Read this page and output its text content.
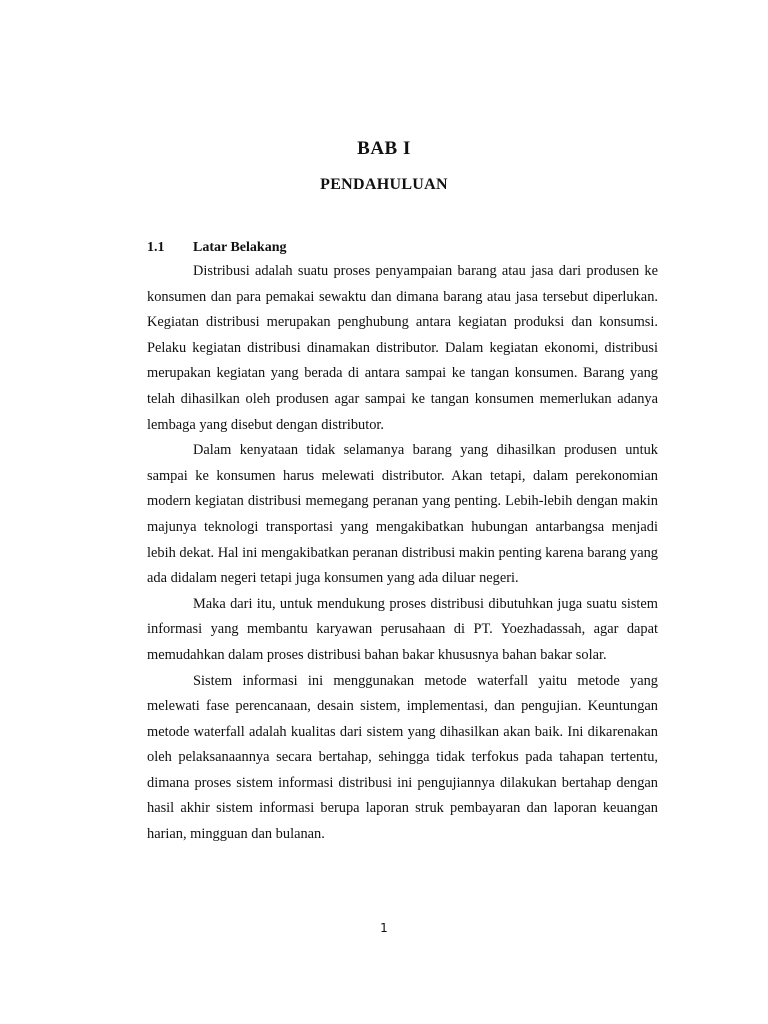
BAB I
PENDAHULUAN
1.1 Latar Belakang

Distribusi adalah suatu proses penyampaian barang atau jasa dari produsen ke konsumen dan para pemakai sewaktu dan dimana barang atau jasa tersebut diperlukan. Kegiatan distribusi merupakan penghubung antara kegiatan produksi dan konsumsi. Pelaku kegiatan distribusi dinamakan distributor. Dalam kegiatan ekonomi, distribusi merupakan kegiatan yang berada di antara sampai ke tangan konsumen. Barang yang telah dihasilkan oleh produsen agar sampai ke tangan konsumen memerlukan adanya lembaga yang disebut dengan distributor.

Dalam kenyataan tidak selamanya barang yang dihasilkan produsen untuk sampai ke konsumen harus melewati distributor. Akan tetapi, dalam perekonomian modern kegiatan distribusi memegang peranan yang penting. Lebih-lebih dengan makin majunya teknologi transportasi yang mengakibatkan hubungan antarbangsa menjadi lebih dekat. Hal ini mengakibatkan peranan distribusi makin penting karena barang yang ada didalam negeri tetapi juga konsumen yang ada diluar negeri.

Maka dari itu, untuk mendukung proses distribusi dibutuhkan juga suatu sistem informasi yang membantu karyawan perusahaan di PT. Yoezhadassah, agar dapat memudahkan dalam proses distribusi bahan bakar khususnya bahan bakar solar.

Sistem informasi ini menggunakan metode waterfall yaitu metode yang melewati fase perencanaan, desain sistem, implementasi, dan pengujian. Keuntungan metode waterfall adalah kualitas dari sistem yang dihasilkan akan baik. Ini dikarenakan oleh pelaksanaannya secara bertahap, sehingga tidak terfokus pada tahapan tertentu, dimana proses sistem informasi distribusi ini pengujiannya dilakukan bertahap dengan hasil akhir sistem informasi berupa laporan struk pembayaran dan laporan keuangan harian, mingguan dan bulanan.

1
